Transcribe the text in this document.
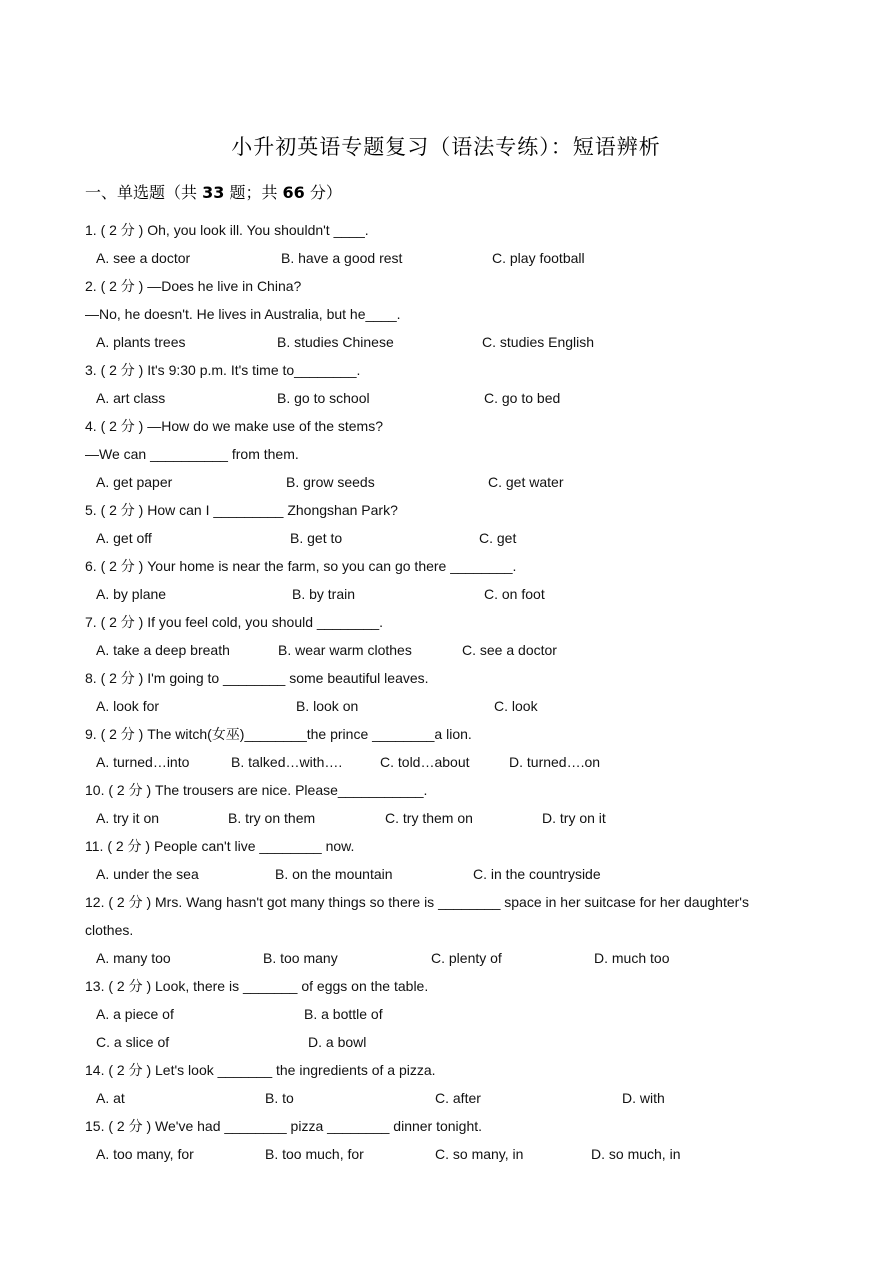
小升初英语专题复习（语法专练）：短语辨析
一、单选题（共 33 题；共 66 分）
1. ( 2 分 ) Oh, you look ill. You shouldn't ____.
A. see a doctor	B. have a good rest	C. play football
2. ( 2 分 ) —Does he live in China?
—No, he doesn't. He lives in Australia, but he____.
A. plants trees	B. studies Chinese	C. studies English
3. ( 2 分 ) It's 9:30 p.m. It's time to________.
A. art class	B. go to school	C. go to bed
4. ( 2 分 ) —How do we make use of the stems?
—We can __________ from them.
A. get paper	B. grow seeds	C. get water
5. ( 2 分 ) How can I _________ Zhongshan Park?
A. get off	B. get to	C. get
6. ( 2 分 ) Your home is near the farm, so you can go there ________.
A. by plane	B. by train	C. on foot
7. ( 2 分 ) If you feel cold, you should ________.
A. take a deep breath	B. wear warm clothes	C. see a doctor
8. ( 2 分 ) I'm going to ________ some beautiful leaves.
A. look for	B. look on	C. look
9. ( 2 分 ) The witch(女巫)________the prince ________a lion.
A. turned…into	B. talked…with….	C. told…about	D. turned….on
10. ( 2 分 ) The trousers are nice. Please___________.
A. try it on	B. try on them	C. try them on	D. try on it
11. ( 2 分 ) People can't live ________ now.
A. under the sea	B. on the mountain	C. in the countryside
12. ( 2 分 ) Mrs. Wang hasn't got many things so there is ________ space in her suitcase for her daughter's
clothes.
A. many too	B. too many	C. plenty of	D. much too
13. ( 2 分 ) Look, there is _______ of eggs on the table.
A. a piece of	B. a bottle of
C. a slice of	D. a bowl
14. ( 2 分 ) Let's look _______ the ingredients of a pizza.
A. at	B. to	C. after	D. with
15. ( 2 分 ) We've had ________ pizza ________ dinner tonight.
A. too many, for	B. too much, for	C. so many, in	D. so much, in
